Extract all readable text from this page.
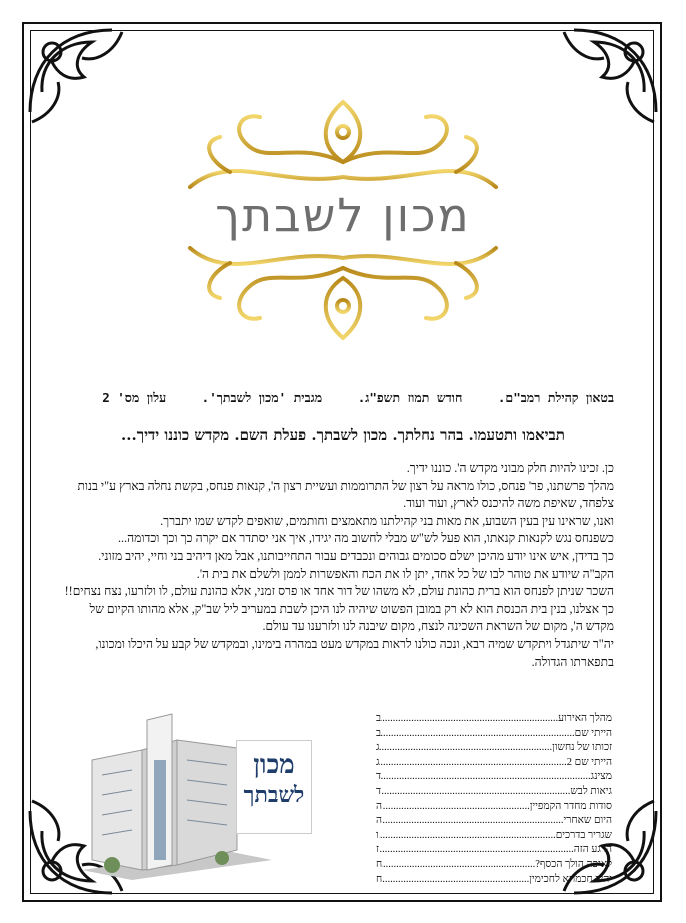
מכון לשבתך
בטאון קהילת רמב"ם. חודש תמוז תשפ"ג. מגבית 'מכון לשבתך'. עלון מס' 2
תביאמו ותטעמו. בהר נחלתך. מכון לשבתך. פעלת השם. מקדש כוננו ידיך...

כן. זכינו להיות חלק מבוני מקדש ה'. כוננו ידיך.

מהלך פרשתנו, פר' פנחס, כולו מראה על רצון של התרוממות ועשיית רצון ה', קנאות פנחס, בקשת נחלה בארץ ע"י בנות צלפחד, שאיפת משה להיכנס לארץ, ועוד ועוד.

ואנו, שראינו עין בעין השבוע, את מאות בני קהילתנו מתאמצים וחותמים, שואפים לקדש שמו יתברך.

כשפנחס נגש לקנאות קנאתו, הוא פעל לש"ש מבלי לחשוב מה יגידו, איך אני יסתדר אם יקרה כך וכך וכדומה...

כך בדידן, איש אינו יודע מהיכן ישלם סכומים גבוהים ונכבדים עבור התחייבותנו, אבל מאן דיהיב בני וחיי, יהיב מזוני.

הקב"ה שיודע את טוהר לבו של כל אחד, יתן לו את הכח והאפשרות לממן ולשלם את בית ה'.

השכר שניתן לפנחס הוא ברית כהונת עולם, לא משהו של דור אחד או פרס זמני, אלא כהונת עולם, לו ולזרעו, נצח נצחים!!

כך אצלנו, בנין בית הכנסת הוא לא רק במובן הפשוט שיהיה לנו היכן לשבת במעריב ליל שב"ק, אלא מהותו הקיום של מקדש ה', מקום של השראת השכינה לנצח, מקום שיבנה לנו ולזרענו עד עולם.

יה"ר שיתגדל ויתקדש שמיה רבא, ונכה כולנו לראות במקדש מעט במהרה בימינו, ובמקדש של קבע על היכלו ומכונו, בתפארתו הגדולה.

מכון
לשבתך
מהלך האירוע
.....
ב
הייתי שם
.....
ב
זכותו של נחשון
.....
ג
הייתי שם 2
.....
ג
מצינג
.....
ד
גיאות לבש
.....
ד
סודות מחדר הקמפיין
.....
ה
היום שאחרי
.....
ה
שגריר בדרכים
.....
ו
הרגע הזה
.....
ז
לאיפה הולך הכסף?
.....
ח
יהיב חכמתא לחכימין
.....
ח
